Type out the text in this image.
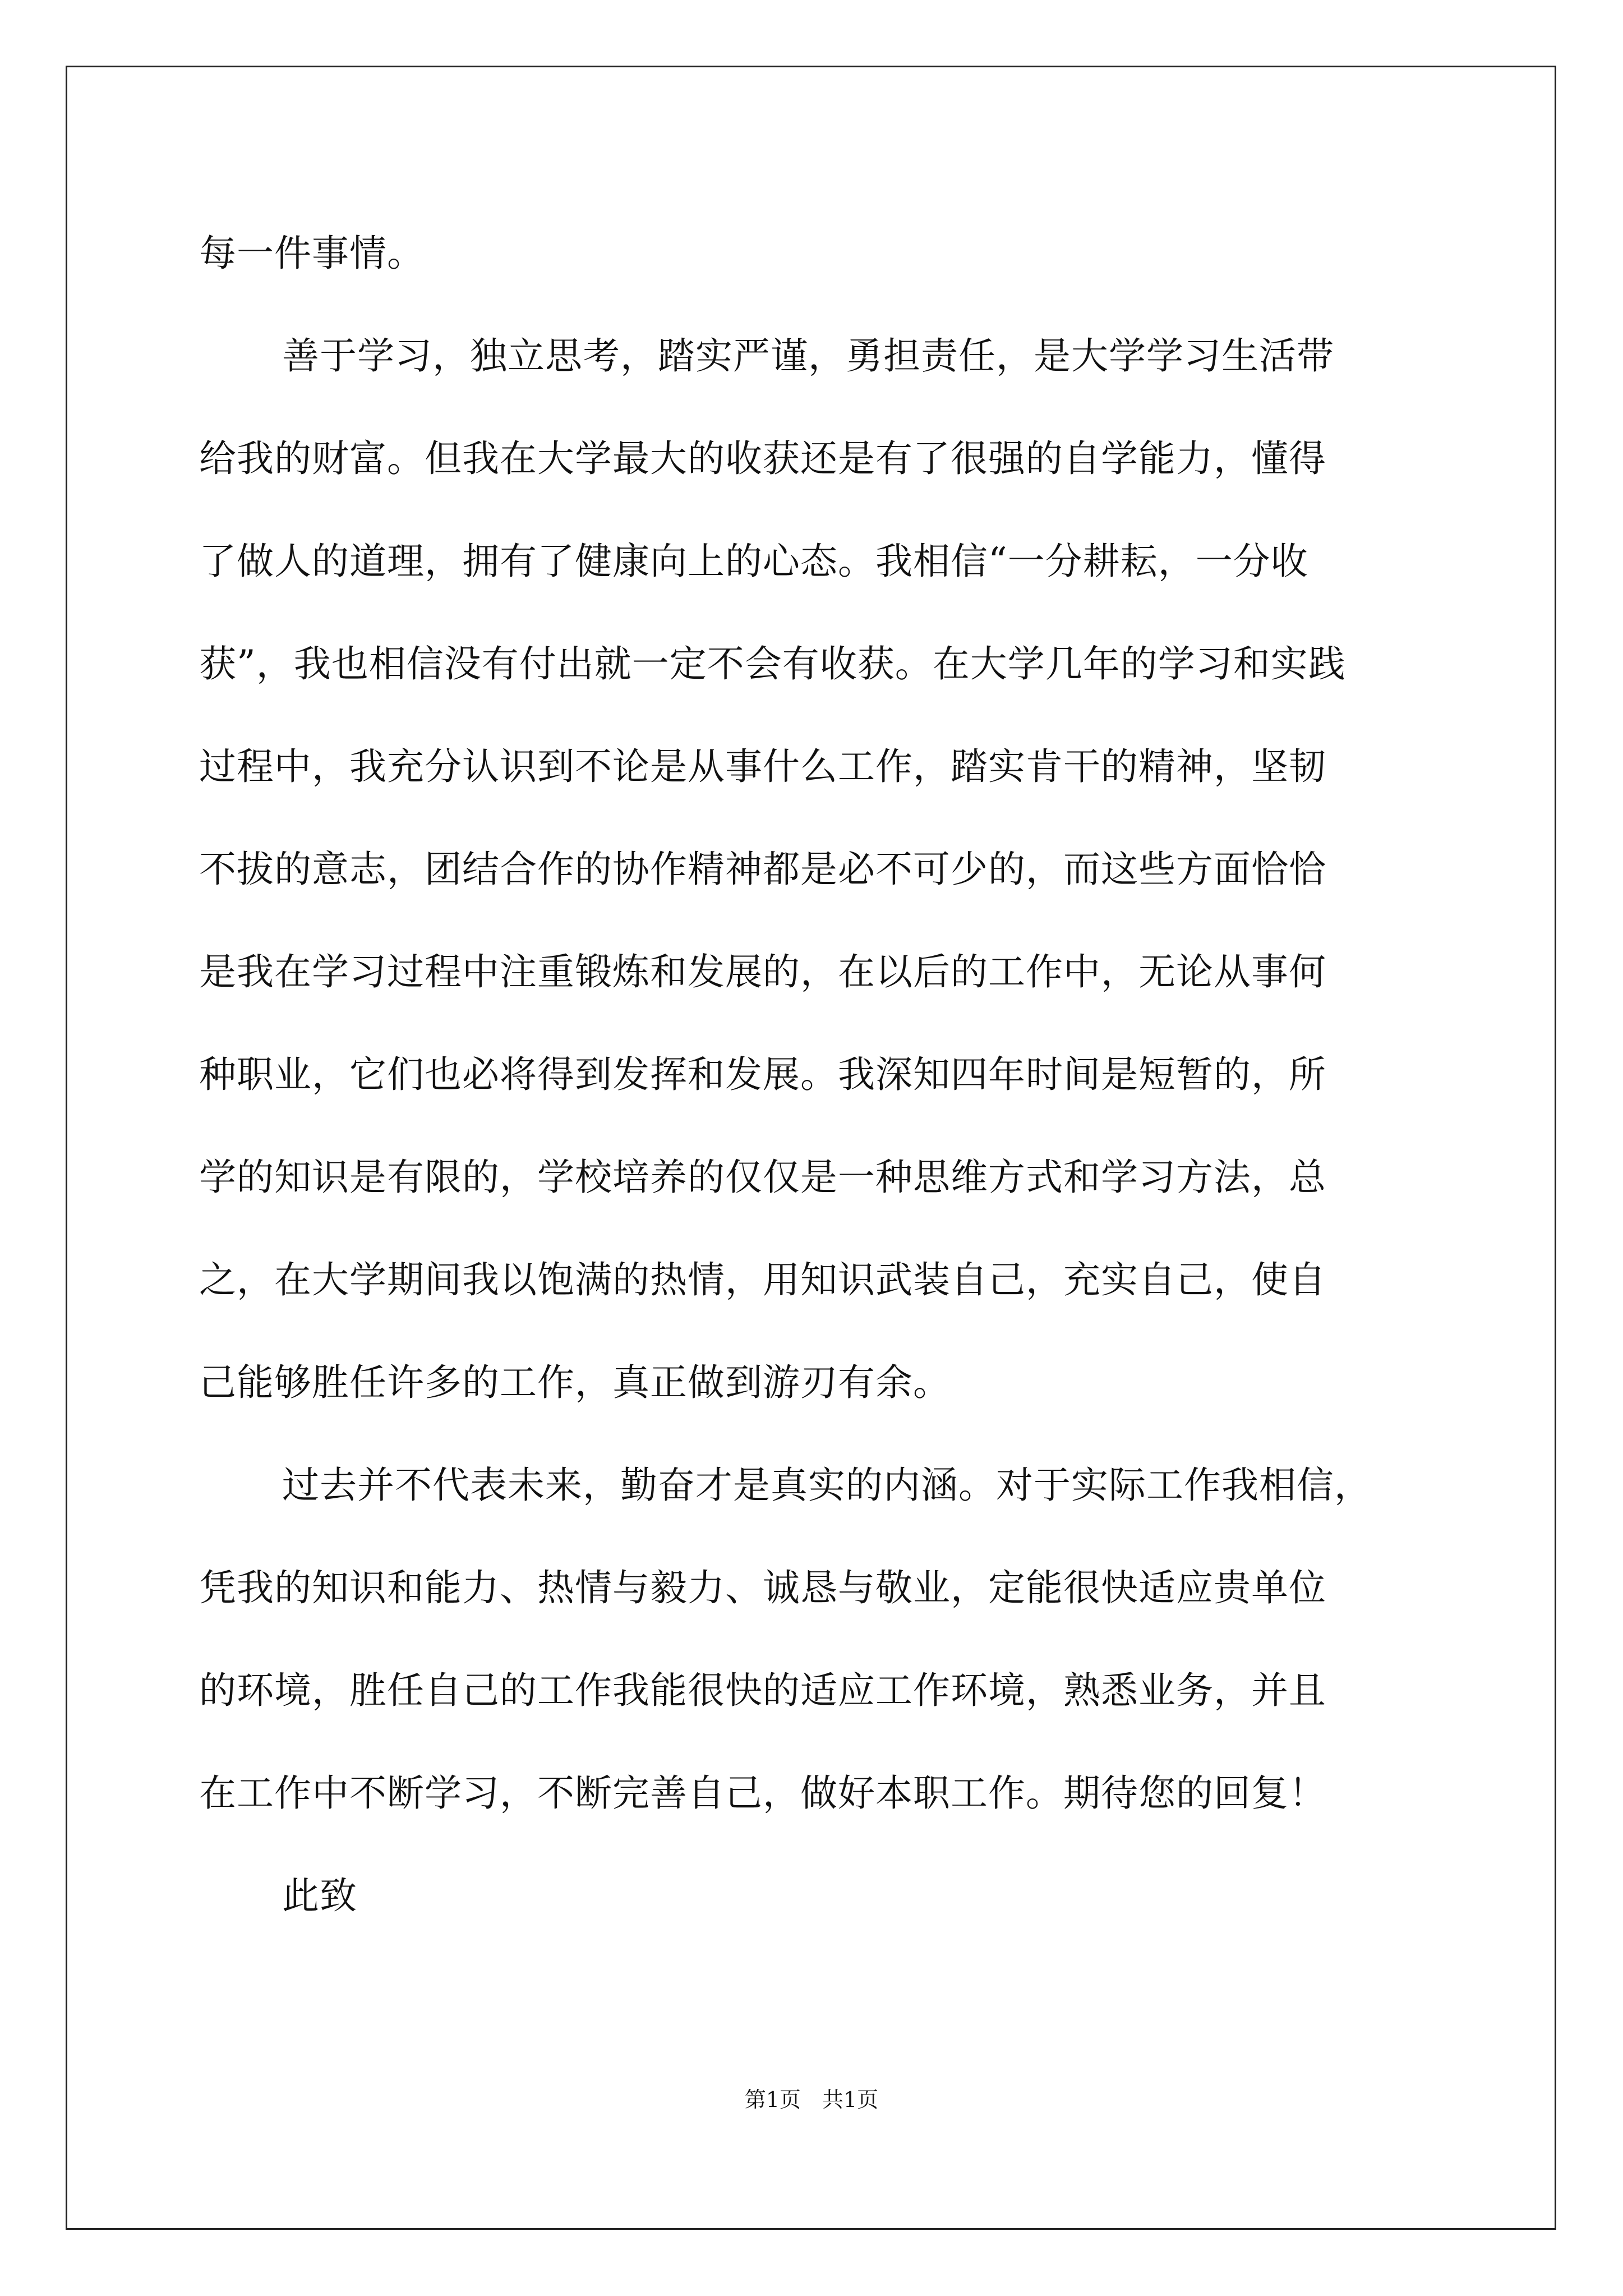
每一件事情。
善于学习，独立思考，踏实严谨，勇担责任，是大学学习生活带
给我的财富。但我在大学最大的收获还是有了很强的自学能力，懂得
了做人的道理，拥有了健康向上的心态。我相信“一分耕耘，一分收
获”，我也相信没有付出就一定不会有收获。在大学几年的学习和实践
过程中，我充分认识到不论是从事什么工作，踏实肯干的精神，坚韧
不拔的意志，团结合作的协作精神都是必不可少的，而这些方面恰恰
是我在学习过程中注重锻炼和发展的，在以后的工作中，无论从事何
种职业，它们也必将得到发挥和发展。我深知四年时间是短暂的，所
学的知识是有限的，学校培养的仅仅是一种思维方式和学习方法，总
之，在大学期间我以饱满的热情，用知识武装自己，充实自己，使自
己能够胜任许多的工作，真正做到游刃有余。
过去并不代表未来，勤奋才是真实的内涵。对于实际工作我相信，
凭我的知识和能力、热情与毅力、诚恳与敬业，定能很快适应贵单位
的环境，胜任自己的工作我能很快的适应工作环境，熟悉业务，并且
在工作中不断学习，不断完善自己，做好本职工作。期待您的回复！
此致
第1页　共1页
